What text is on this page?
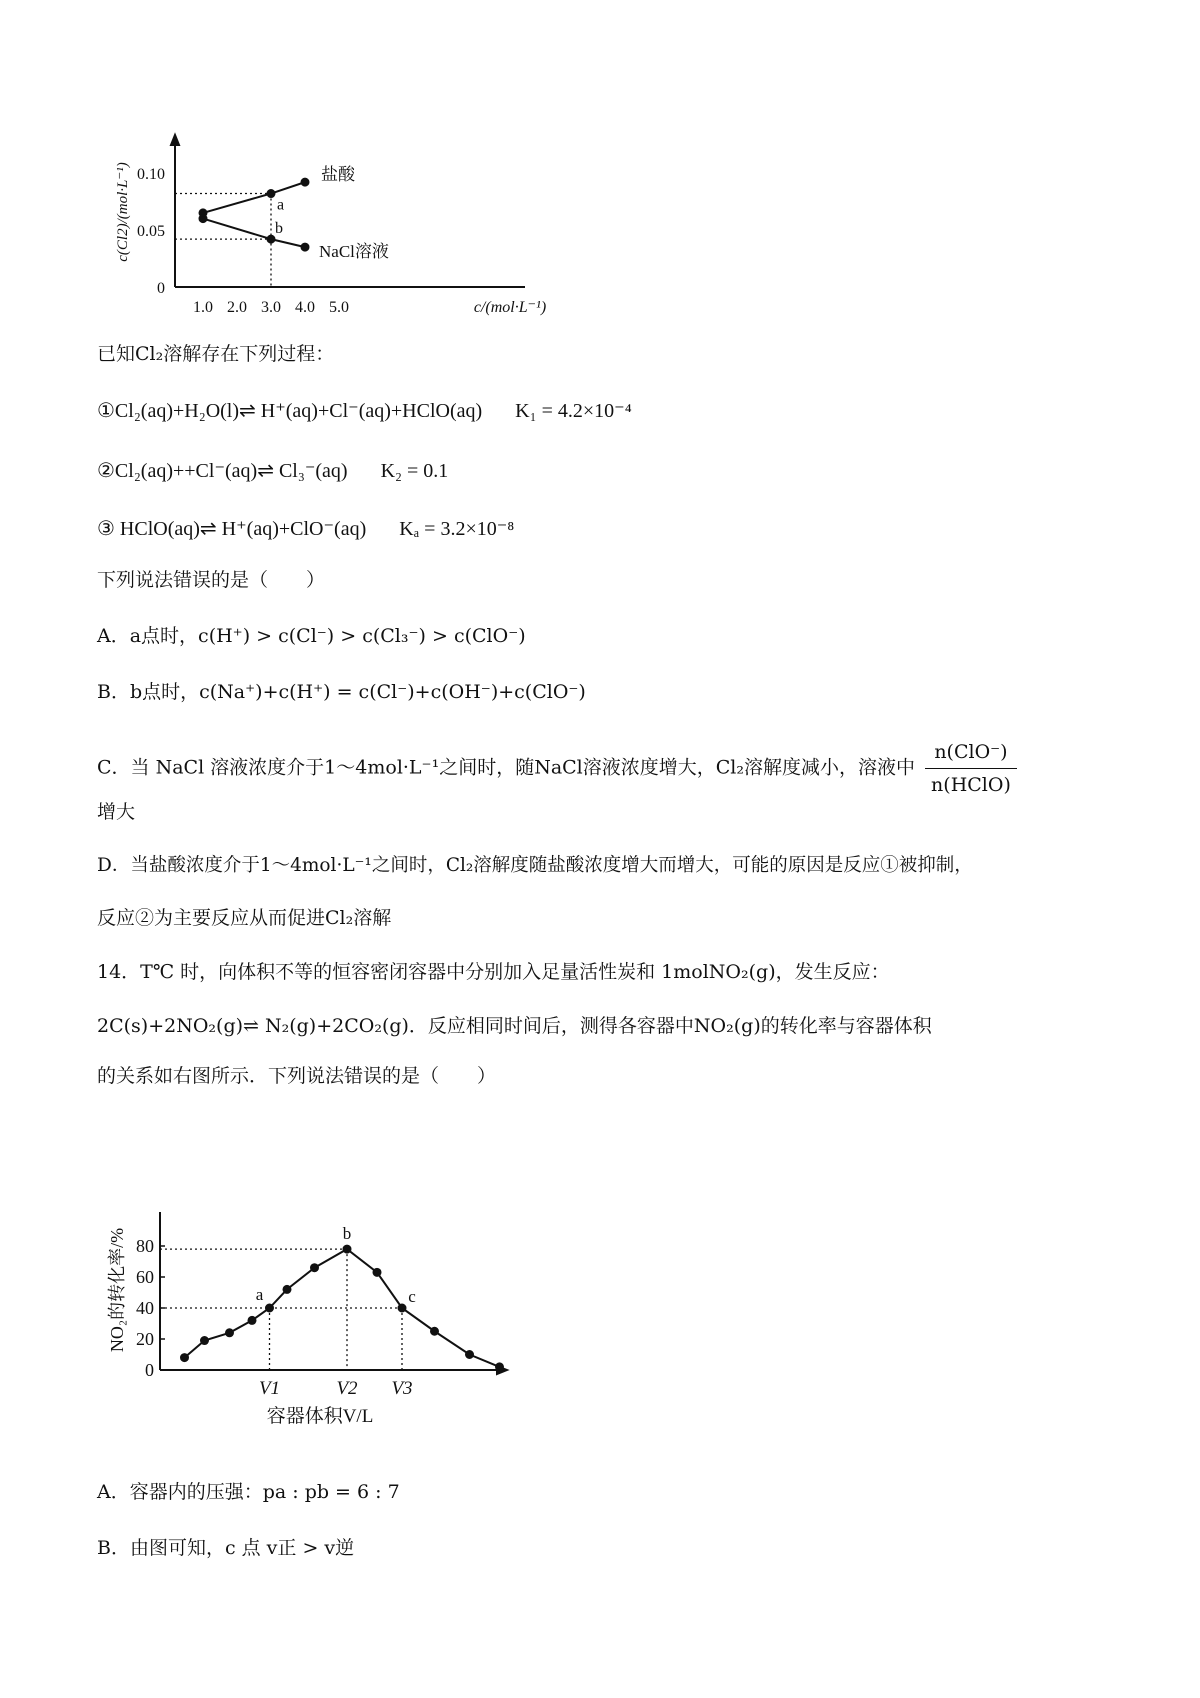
0
0.05
0.10
1.0 2.0 3.0 4.0 5.0	c/(mol·L⁻¹)
c(Cl2)/(mol·L⁻¹)	a
b
盐酸
NaCl溶液
已知Cl₂溶解存在下列过程：
①Cl₂(aq)+H₂O(l)⇌ H⁺(aq)+Cl⁻(aq)+HClO(aq) K₁ = 4.2×10⁻⁴
②Cl₂(aq)++Cl⁻(aq)⇌ Cl₃⁻(aq) K₂ = 0.1
③ HClO(aq)⇌ H⁺(aq)+ClO⁻(aq) Kₐ = 3.2×10⁻⁸
下列说法错误的是（　　）
A．a点时，c(H⁺) > c(Cl⁻) > c(Cl₃⁻) > c(ClO⁻)
B．b点时，c(Na⁺)+c(H⁺) = c(Cl⁻)+c(OH⁻)+c(ClO⁻)
C．当 NaCl 溶液浓度介于1～4mol·L⁻¹之间时，随NaCl溶液浓度增大，Cl₂溶解度减小，溶液中 $\frac{\text{n(ClO⁻)}}{\text{n(HClO)}}$
增大
D．当盐酸浓度介于1～4mol·L⁻¹之间时，Cl₂溶解度随盐酸浓度增大而增大，可能的原因是反应①被抑制，
反应②为主要反应从而促进Cl₂溶解
14．T℃ 时，向体积不等的恒容密闭容器中分别加入足量活性炭和 1molNO₂(g)，发生反应：
2C(s)+2NO₂(g)⇌ N₂(g)+2CO₂(g)．反应相同时间后，测得各容器中NO₂(g)的转化率与容器体积
的关系如右图所示．下列说法错误的是（　　）
0
20
40
60
80
a
b
c
V1	V2 V3
容器体积V/L
NO₂的转化率/%
A．容器内的压强：pa : pb = 6 : 7
B．由图可知，c 点 v正 > v逆
